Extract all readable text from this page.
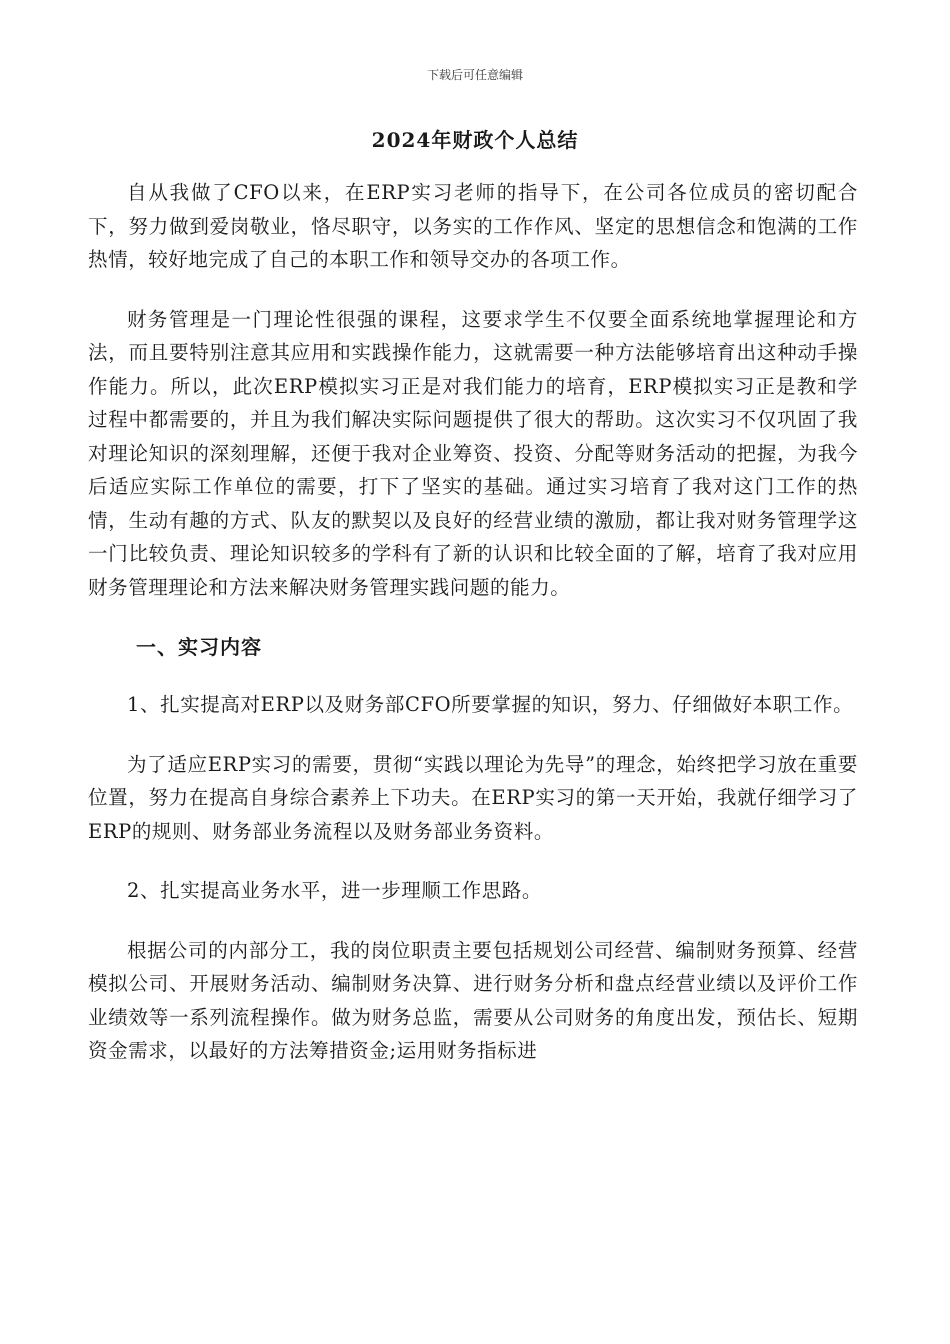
下载后可任意编辑
2024年财政个人总结

自从我做了CFO以来，在ERP实习老师的指导下，在公司各位成员的密切配合下，努力做到爱岗敬业，恪尽职守，以务实的工作作风、坚定的思想信念和饱满的工作热情，较好地完成了自己的本职工作和领导交办的各项工作。

财务管理是一门理论性很强的课程，这要求学生不仅要全面系统地掌握理论和方法，而且要特别注意其应用和实践操作能力，这就需要一种方法能够培育出这种动手操作能力。所以，此次ERP模拟实习正是对我们能力的培育，ERP模拟实习正是教和学过程中都需要的，并且为我们解决实际问题提供了很大的帮助。这次实习不仅巩固了我对理论知识的深刻理解，还便于我对企业筹资、投资、分配等财务活动的把握，为我今后适应实际工作单位的需要，打下了坚实的基础。通过实习培育了我对这门工作的热情，生动有趣的方式、队友的默契以及良好的经营业绩的激励，都让我对财务管理学这一门比较负责、理论知识较多的学科有了新的认识和比较全面的了解，培育了我对应用财务管理理论和方法来解决财务管理实践问题的能力。

一、实习内容

1、扎实提高对ERP以及财务部CFO所要掌握的知识，努力、仔细做好本职工作。

为了适应ERP实习的需要，贯彻“实践以理论为先导”的理念，始终把学习放在重要位置，努力在提高自身综合素养上下功夫。在ERP实习的第一天开始，我就仔细学习了ERP的规则、财务部业务流程以及财务部业务资料。

2、扎实提高业务水平，进一步理顺工作思路。

根据公司的内部分工，我的岗位职责主要包括规划公司经营、编制财务预算、经营模拟公司、开展财务活动、编制财务决算、进行财务分析和盘点经营业绩以及评价工作业绩效等一系列流程操作。做为财务总监，需要从公司财务的角度出发，预估长、短期资金需求，以最好的方法筹措资金;运用财务指标进
